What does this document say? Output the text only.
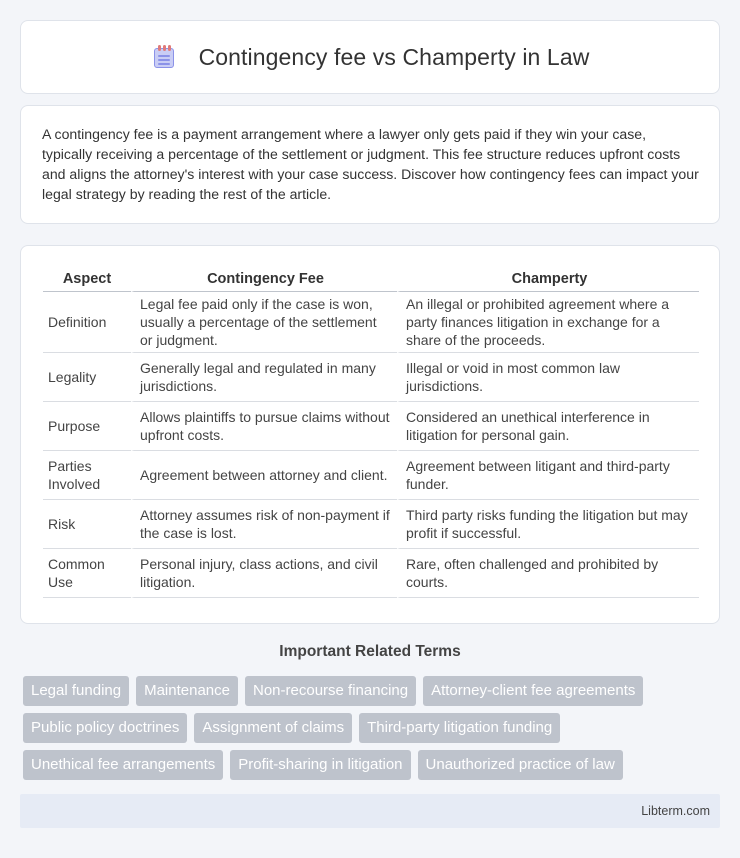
Contingency fee vs Champerty in Law

A contingency fee is a payment arrangement where a lawyer only gets paid if they win your case, typically receiving a percentage of the settlement or judgment. This fee structure reduces upfront costs and aligns the attorney's interest with your case success. Discover how contingency fees can impact your legal strategy by reading the rest of the article.

Aspect	Contingency Fee	Champerty
Definition	Legal fee paid only if the case is won, usually a percentage of the settlement or judgment.	An illegal or prohibited agreement where a party finances litigation in exchange for a share of the proceeds.
Legality	Generally legal and regulated in many jurisdictions.	Illegal or void in most common law jurisdictions.
Purpose	Allows plaintiffs to pursue claims without upfront costs.	Considered an unethical interference in litigation for personal gain.
Parties Involved	Agreement between attorney and client.	Agreement between litigant and third-party funder.
Risk	Attorney assumes risk of non-payment if the case is lost.	Third party risks funding the litigation but may profit if successful.
Common Use	Personal injury, class actions, and civil litigation.	Rare, often challenged and prohibited by courts.
Important Related Terms
Legal funding	Maintenance	Non-recourse financing	Attorney-client fee agreements
Public policy doctrines	Assignment of claims	Third-party litigation funding
Unethical fee arrangements	Profit-sharing in litigation	Unauthorized practice of law
Libterm.com
